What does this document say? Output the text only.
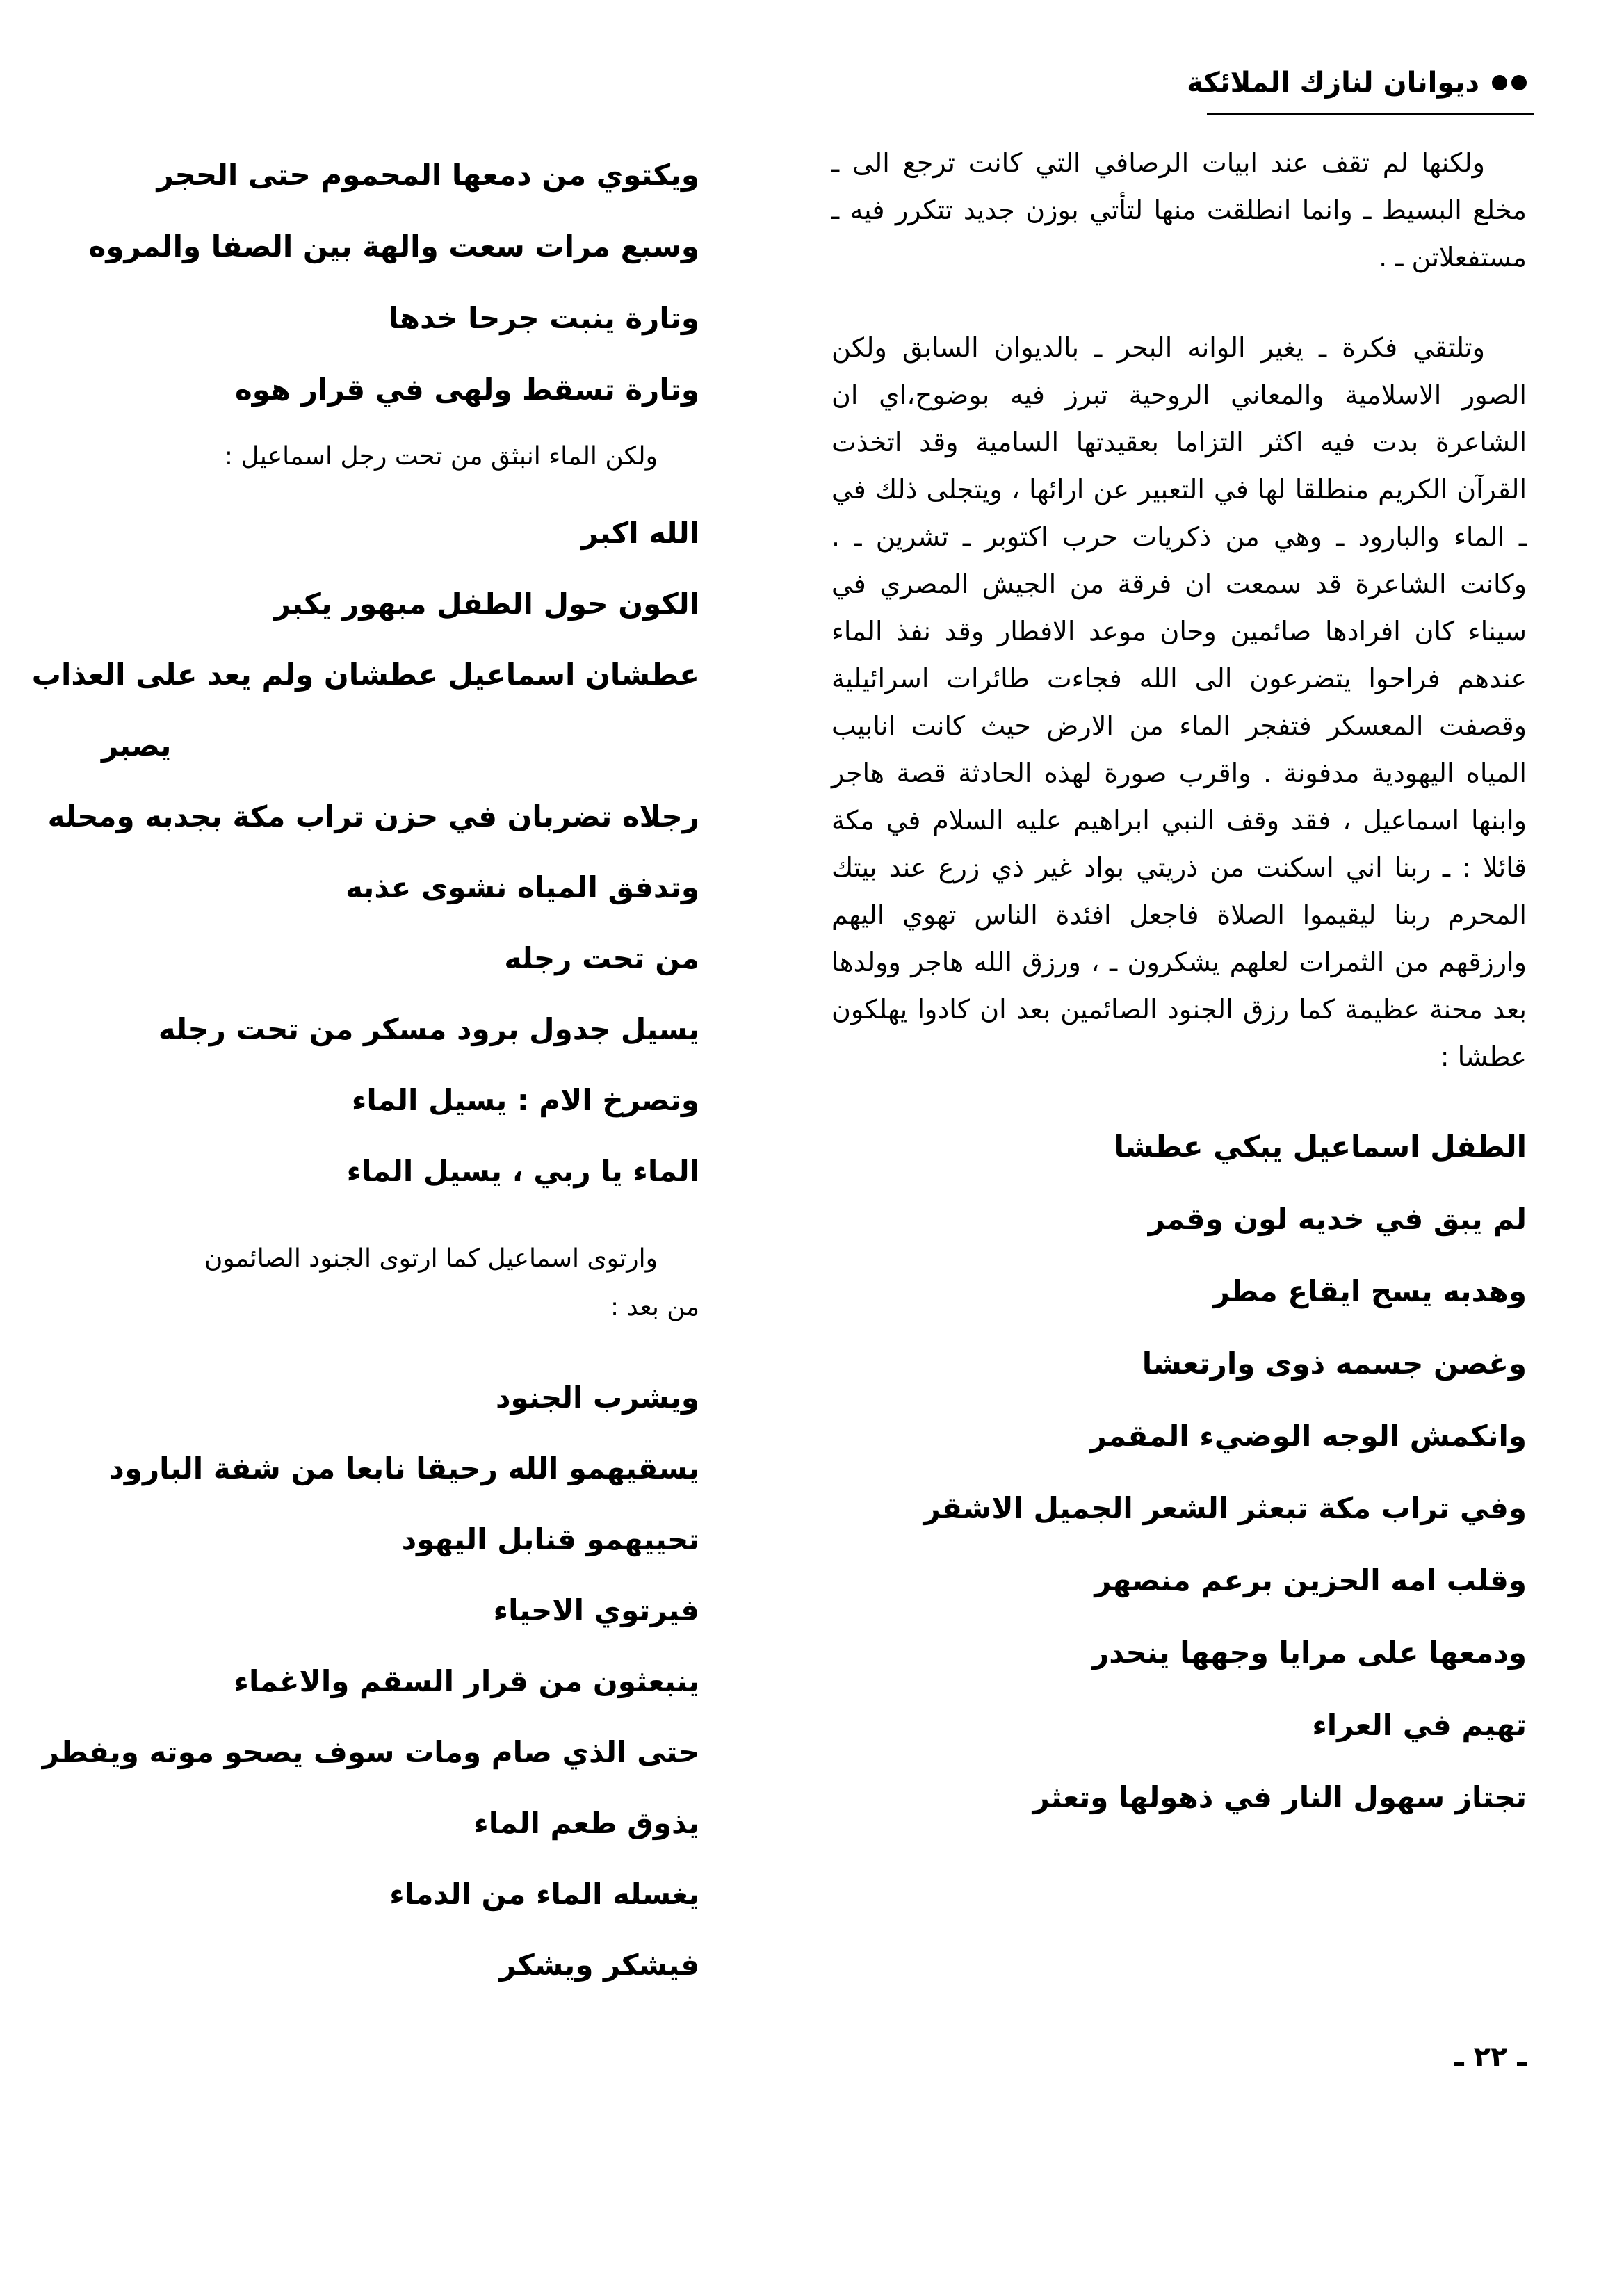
ديوانان لنازك الملائكة

ولكنها لم تقف عند ابيات الرصافي التي كانت ترجع الى ـ مخلع البسيط ـ وانما انطلقت منها لتأتي بوزن جديد تتكرر فيه ـ مستفعلاتن ـ .

وتلتقي فكرة ـ يغير الوانه البحر ـ بالديوان السابق ولكن الصور الاسلامية والمعاني الروحية تبرز فيه بوضوح،اي ان الشاعرة بدت فيه اكثر التزاما بعقيدتها السامية وقد اتخذت القرآن الكريم منطلقا لها في التعبير عن ارائها ، ويتجلى ذلك في ـ الماء والبارود ـ وهي من ذكريات حرب اكتوبر ـ تشرين ـ . وكانت الشاعرة قد سمعت ان فرقة من الجيش المصري في سيناء كان افرادها صائمين وحان موعد الافطار وقد نفذ الماء عندهم فراحوا يتضرعون الى الله فجاءت طائرات اسرائيلية وقصفت المعسكر فتفجر الماء من الارض حيث كانت انابيب المياه اليهودية مدفونة . واقرب صورة لهذه الحادثة قصة هاجر وابنها اسماعيل ، فقد وقف النبي ابراهيم عليه السلام في مكة قائلا : ـ ربنا اني اسكنت من ذريتي بواد غير ذي زرع عند بيتك المحرم ربنا ليقيموا الصلاة فاجعل افئدة الناس تهوي اليهم وارزقهم من الثمرات لعلهم يشكرون ـ ، ورزق الله هاجر وولدها بعد محنة عظيمة كما رزق الجنود الصائمين بعد ان كادوا يهلكون عطشا :

الطفل اسماعيل يبكي عطشا
لم يبق في خديه لون وقمر
وهدبه يسح ايقاع مطر
وغصن جسمه ذوى وارتعشا
وانكمش الوجه الوضيء المقمر
وفي تراب مكة تبعثر الشعر الجميل الاشقر
وقلب امه الحزين برعم منصهر
ودمعها على مرايا وجهها ينحدر
تهيم في العراء
تجتاز سهول النار في ذهولها وتعثر
ويكتوي من دمعها المحموم حتى الحجر
وسبع مرات سعت والهة بين الصفا والمروه
وتارة ينبت جرحا خدها
وتارة تسقط ولهى في قرار هوه

ولكن الماء انبثق من تحت رجل اسماعيل :

الله اكبر
الكون حول الطفل مبهور يكبر
عطشان اسماعيل عطشان ولم يعد على العذاب
يصبر
رجلاه تضربان في حزن تراب مكة بجدبه ومحله
وتدفق المياه نشوى عذبه
من تحت رجله
يسيل جدول برود مسكر من تحت رجله
وتصرخ الام : يسيل الماء
الماء يا ربي ، يسيل الماء

وارتوى اسماعيل كما ارتوى الجنود الصائمون
من بعد :

ويشرب الجنود
يسقيهمو الله رحيقا نابعا من شفة البارود
تحييهمو قنابل اليهود
فيرتوي الاحياء
ينبعثون من قرار السقم والاغماء
حتى الذي صام ومات سوف يصحو موته ويفطر
يذوق طعم الماء
يغسله الماء من الدماء
فيشكر ويشكر
ـ ٢٢ ـ
